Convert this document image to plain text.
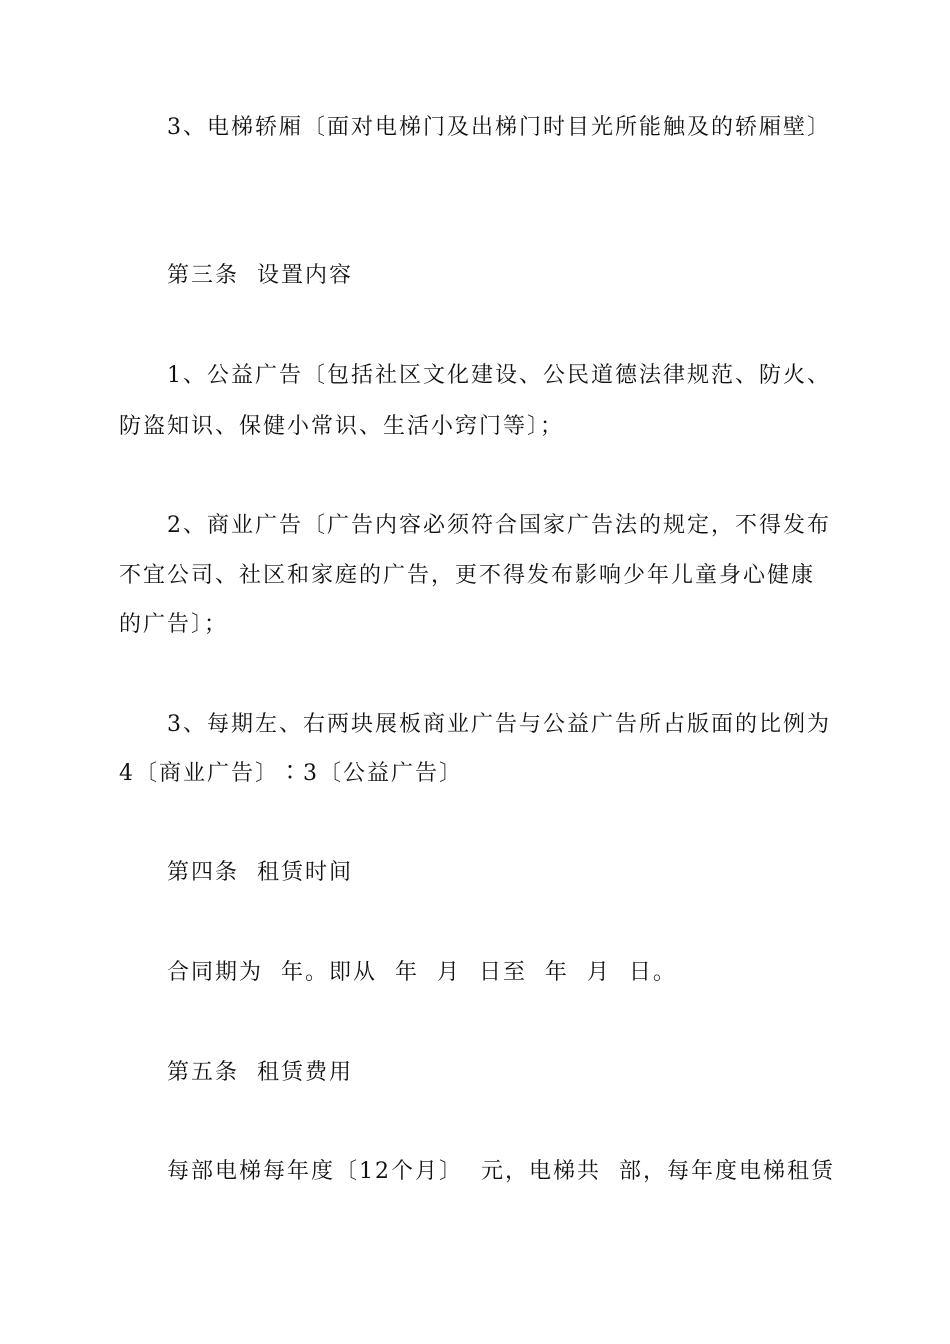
3、电梯轿厢〔面对电梯门及出梯门时目光所能触及的轿厢壁〕
第三条  设置内容
1、公益广告〔包括社区文化建设、公民道德法律规范、防火、
防盗知识、保健小常识、生活小窍门等〕；
2、商业广告〔广告内容必须符合国家广告法的规定，不得发布
不宜公司、社区和家庭的广告，更不得发布影响少年儿童身心健康
的广告〕；
3、每期左、右两块展板商业广告与公益广告所占版面的比例为
4〔商业广告〕∶3〔公益广告〕
第四条  租赁时间
合同期为  年。即从  年  月  日至  年  月  日。
第五条  租赁费用
每部电梯每年度〔12个月〕  元，电梯共  部，每年度电梯租赁
